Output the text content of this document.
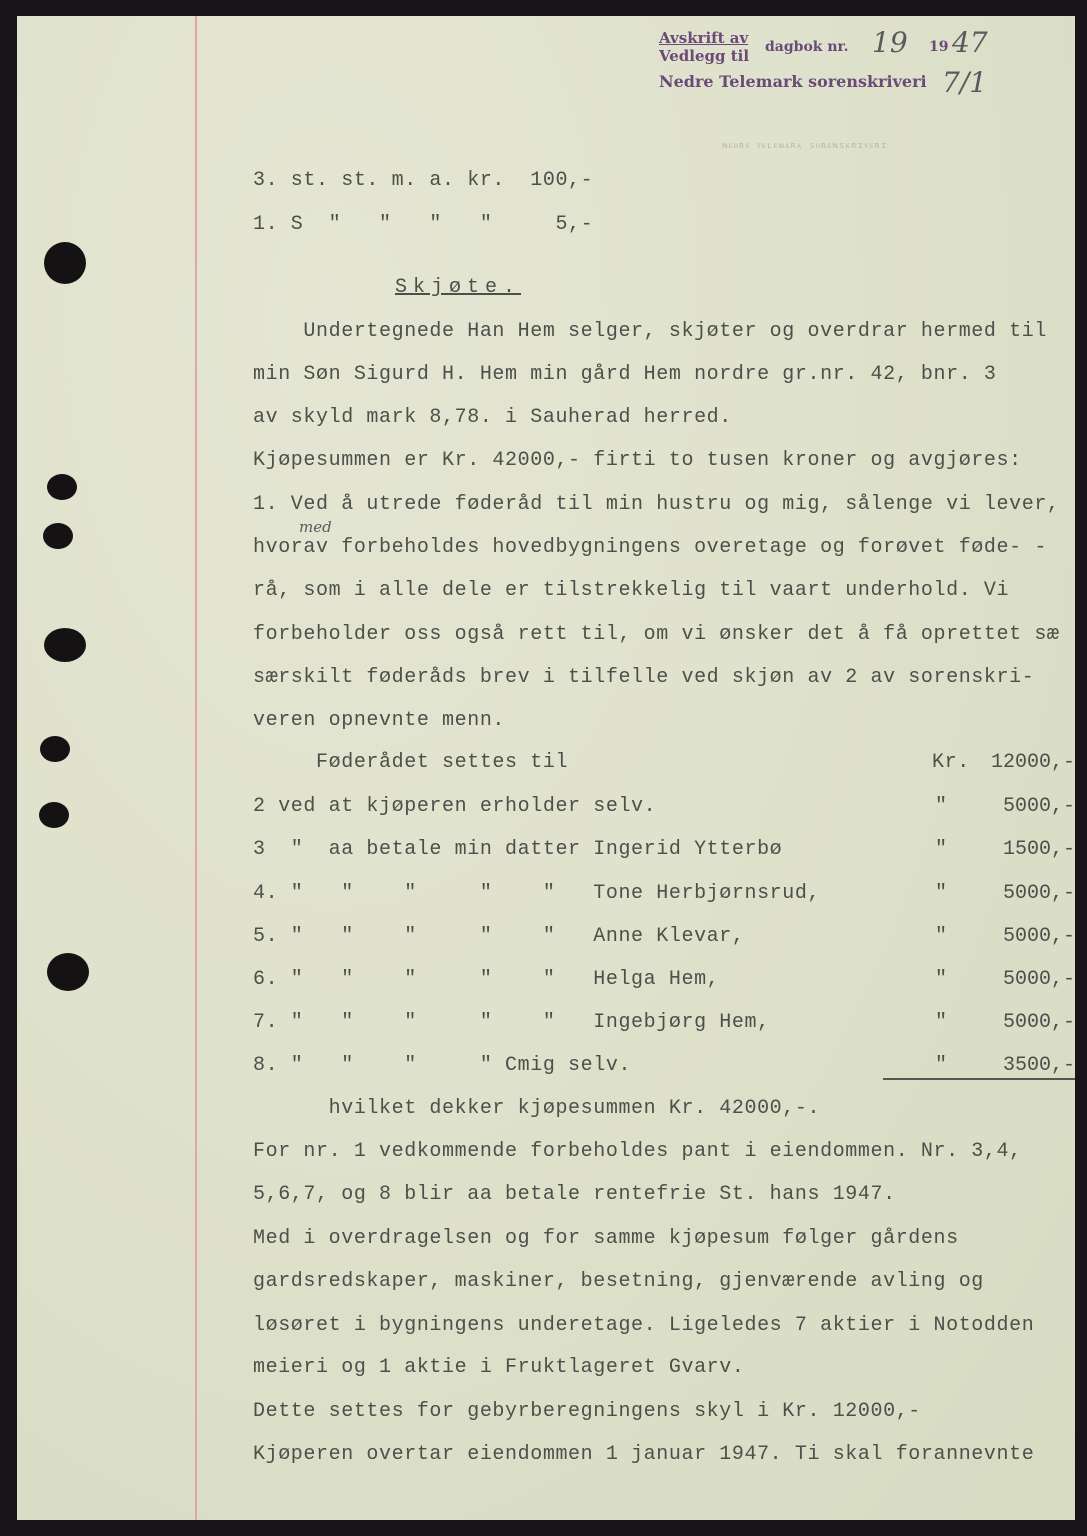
Avskrift av
Vedlegg til dagbok nr. 19 19 47
Nedre Telemark sorenskriveri 7/1
ɴᴇᴅʀᴇ ᴛᴇʟᴇᴍᴀʀᴋ sᴏʀᴇɴsᴋʀɪᴠᴇʀɪ
3. st. st. m. a. kr.  100,-
1. S  "   "   "   "     5,-
Skjøte.
Undertegnede Han Hem selger, skjøter og overdrar hermed til
min Søn Sigurd H. Hem min gård Hem nordre gr.nr. 42, bnr. 3
av skyld mark 8,78. i Sauherad herred.
Kjøpesummen er Kr. 42000,- firti to tusen kroner og avgjøres:
1. Ved å utrede føderåd til min hustru og mig, sålenge vi lever,
med
hvorav forbeholdes hovedbygningens overetage og forøvet føde- -
rå, som i alle dele er tilstrekkelig til vaart underhold. Vi
forbeholder oss også rett til, om vi ønsker det å få oprettet sæ
særskilt føderåds brev i tilfelle ved skjøn av 2 av sorenskri-
veren opnevnte menn.
Føderådet settes til	Kr.	12000,-
2 ved at kjøperen erholder selv.	"	5000,-
3  "  aa betale min datter Ingerid Ytterbø	"	1500,-
4. "   "    "     "    "   Tone Herbjørnsrud,	"	5000,-
5. "   "    "     "    "   Anne Klevar,	"	5000,-
6. "   "    "     "    "   Helga Hem,	"	5000,-
7. "   "    "     "    "   Ingebjørg Hem,	"	5000,-
8. "   "    "     " Cmig selv.	"	3500,-
hvilket dekker kjøpesummen Kr. 42000,-.
For nr. 1 vedkommende forbeholdes pant i eiendommen. Nr. 3,4,
5,6,7, og 8 blir aa betale rentefrie St. hans 1947.
Med i overdragelsen og for samme kjøpesum følger gårdens
gardsredskaper, maskiner, besetning, gjenværende avling og
løsøret i bygningens underetage. Ligeledes 7 aktier i Notodden
meieri og 1 aktie i Fruktlageret Gvarv.
Dette settes for gebyrberegningens skyl i Kr. 12000,-
Kjøperen overtar eiendommen 1 januar 1947. Ti skal forannevnte
